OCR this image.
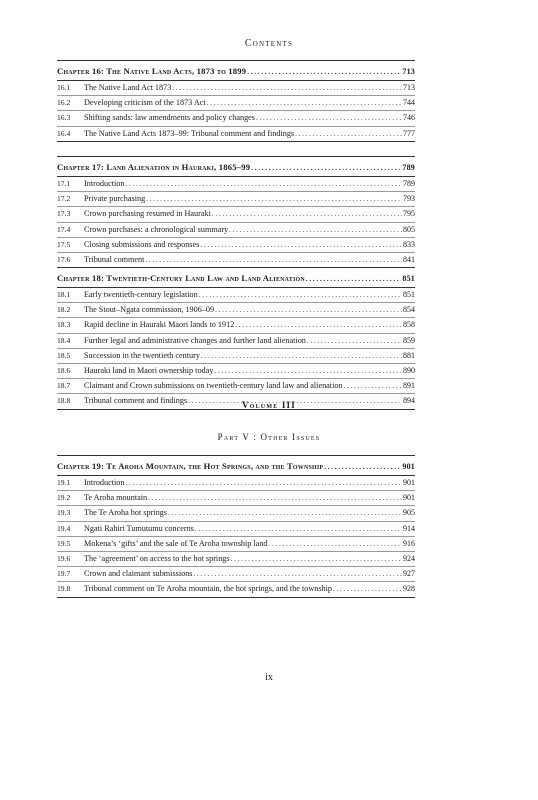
Contents
Chapter 16: The Native Land Acts, 1873 to 1899 . . .	713
16.1	The Native Land Act 1873 . . .	713
16.2	Developing criticism of the 1873 Act . . .	744
16.3	Shifting sands: law amendments and policy changes . . .	746
16.4	The Native Land Acts 1873–99: Tribunal comment and findings . . .	777
Chapter 17: Land Alienation in Hauraki, 1865–99 . . .	789
17.1	Introduction . . .	789
17.2	Private purchasing . . .	793
17.3	Crown purchasing resumed in Hauraki . . .	795
17.4	Crown purchases: a chronological summary . . .	805
17.5	Closing submissions and responses . . .	833
17.6	Tribunal comment . . .	841
Chapter 18: Twentieth-Century Land Law and Land Alienation . . .	851
18.1	Early twentieth-century legislation . . .	851
18.2	The Stout–Ngata commission, 1906–09 . . .	854
18.3	Rapid decline in Hauraki Maori lands to 1912 . . .	858
18.4	Further legal and administrative changes and further land alienation . . .	859
18.5	Succession in the twentieth century . . .	881
18.6	Hauraki land in Maori ownership today . . .	890
18.7	Claimant and Crown submissions on twentieth-century land law and alienation . . .	891
18.8	Tribunal comment and findings . . .	894
Volume III
Part V : Other Issues
Chapter 19: Te Aroha Mountain, the Hot Springs, and the Township . . .	901
19.1	Introduction . . .	901
19.2	Te Aroha mountain . . .	901
19.3	The Te Aroha hot springs . . .	905
19.4	Ngati Rahiri Tumutumu concerns . . .	914
19.5	Mokena’s ‘gifts’ and the sale of Te Aroha township land . . .	916
19.6	The ‘agreement’ on access to the hot springs . . .	924
19.7	Crown and claimant submissions . . .	927
19.8	Tribunal comment on Te Aroha mountain, the hot springs, and the township . . .	928
ix
